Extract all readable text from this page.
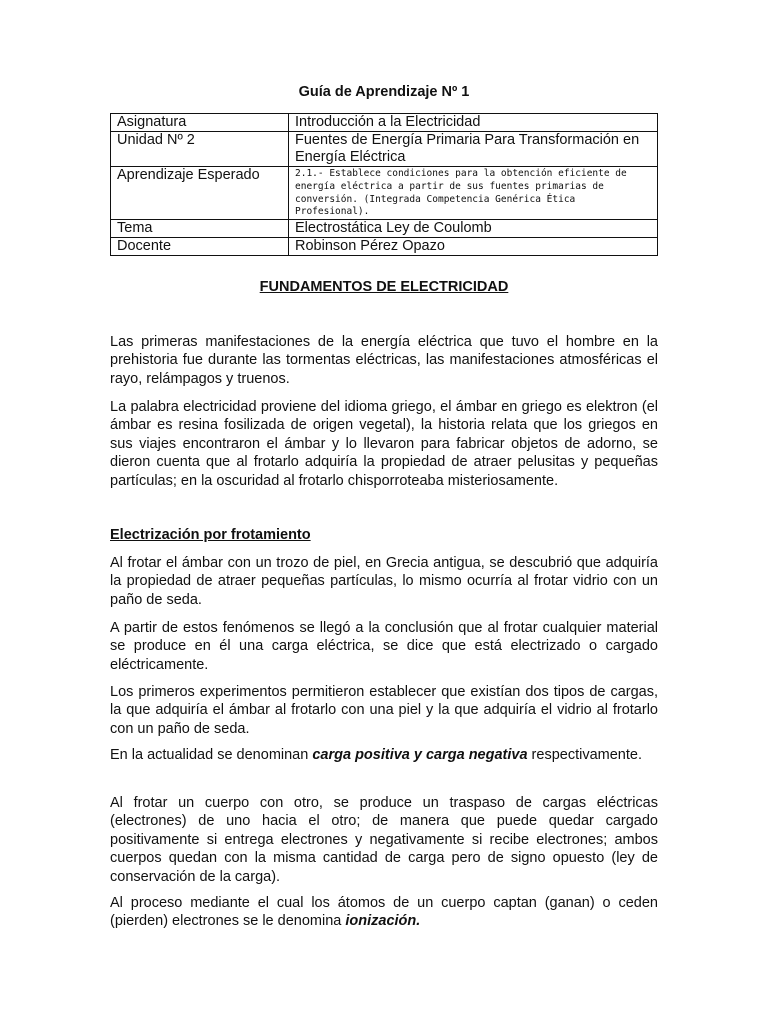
Guía de Aprendizaje Nº 1
Asignatura	Introducción a la Electricidad
Unidad Nº 2	Fuentes de Energía Primaria Para Transformación en Energía Eléctrica
Aprendizaje Esperado	2.1.- Establece condiciones para la obtención eficiente de energía eléctrica a partir de sus fuentes primarias de conversión. (Integrada Competencia Genérica Ética Profesional).
Tema	Electrostática Ley de Coulomb
Docente	Robinson Pérez Opazo
FUNDAMENTOS DE ELECTRICIDAD

Las primeras manifestaciones de la energía eléctrica que tuvo el hombre en la prehistoria fue durante las tormentas eléctricas, las manifestaciones atmosféricas el rayo, relámpagos y truenos.

La palabra electricidad proviene del idioma griego, el ámbar en griego es elektron (el ámbar es resina fosilizada de origen vegetal), la historia relata que los griegos en sus viajes encontraron el ámbar y lo llevaron para fabricar objetos de adorno, se dieron cuenta que al frotarlo adquiría la propiedad de atraer pelusitas y pequeñas partículas; en la oscuridad al frotarlo chisporroteaba misteriosamente.

Electrización por frotamiento

Al frotar el ámbar con un trozo de piel, en Grecia antigua, se descubrió que adquiría la propiedad de atraer pequeñas partículas, lo mismo ocurría al frotar vidrio con un paño de seda.

A partir de estos fenómenos se llegó a la conclusión que al frotar cualquier material se produce en él una carga eléctrica, se dice que está electrizado o cargado eléctricamente.

Los primeros experimentos permitieron establecer que existían dos tipos de cargas, la que adquiría el ámbar al frotarlo con una piel y la que adquiría el vidrio al frotarlo con un paño de seda.

En la actualidad se denominan carga positiva y carga negativa respectivamente.

Al frotar un cuerpo con otro, se produce un traspaso de cargas eléctricas (electrones) de uno hacia el otro; de manera que puede quedar cargado positivamente si entrega electrones y negativamente si recibe electrones; ambos cuerpos quedan con la misma cantidad de carga pero de signo opuesto (ley de conservación de la carga).

Al proceso mediante el cual los átomos de un cuerpo captan (ganan) o ceden (pierden) electrones se le denomina ionización.
